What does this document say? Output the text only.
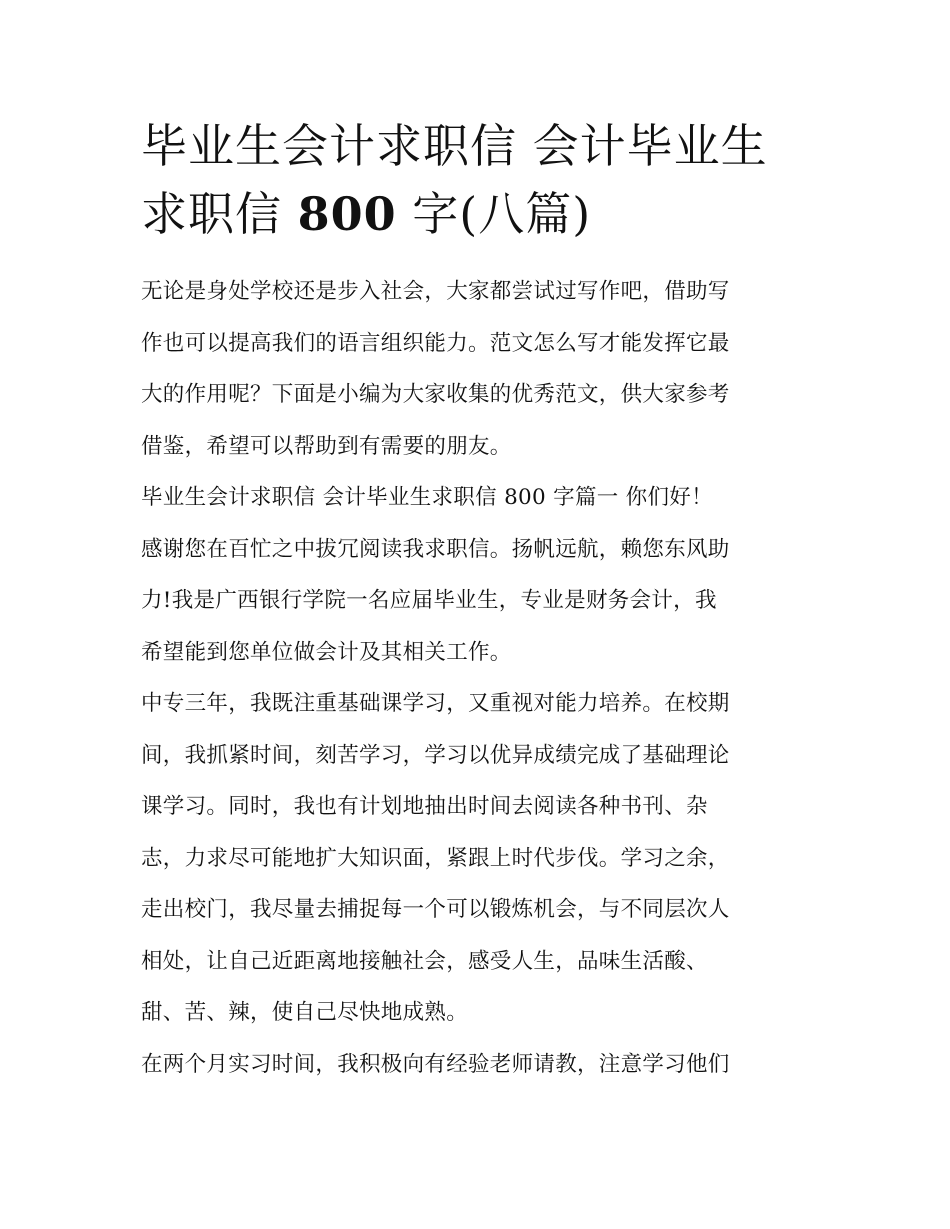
毕业生会计求职信 会计毕业生
求职信 800 字(八篇)

无论是身处学校还是步入社会，大家都尝试过写作吧，借助写
作也可以提高我们的语言组织能力。范文怎么写才能发挥它最
大的作用呢？下面是小编为大家收集的优秀范文，供大家参考
借鉴，希望可以帮助到有需要的朋友。

毕业生会计求职信 会计毕业生求职信 800 字篇一 你们好！

感谢您在百忙之中拔冗阅读我求职信。扬帆远航，赖您东风助
力!我是广西银行学院一名应届毕业生，专业是财务会计，我
希望能到您单位做会计及其相关工作。

中专三年，我既注重基础课学习，又重视对能力培养。在校期
间，我抓紧时间，刻苦学习，学习以优异成绩完成了基础理论
课学习。同时，我也有计划地抽出时间去阅读各种书刊、杂
志，力求尽可能地扩大知识面，紧跟上时代步伐。学习之余，
走出校门，我尽量去捕捉每一个可以锻炼机会，与不同层次人
相处，让自己近距离地接触社会，感受人生，品味生活酸、
甜、苦、辣，使自己尽快地成熟。

在两个月实习时间，我积极向有经验老师请教，注意学习他们
